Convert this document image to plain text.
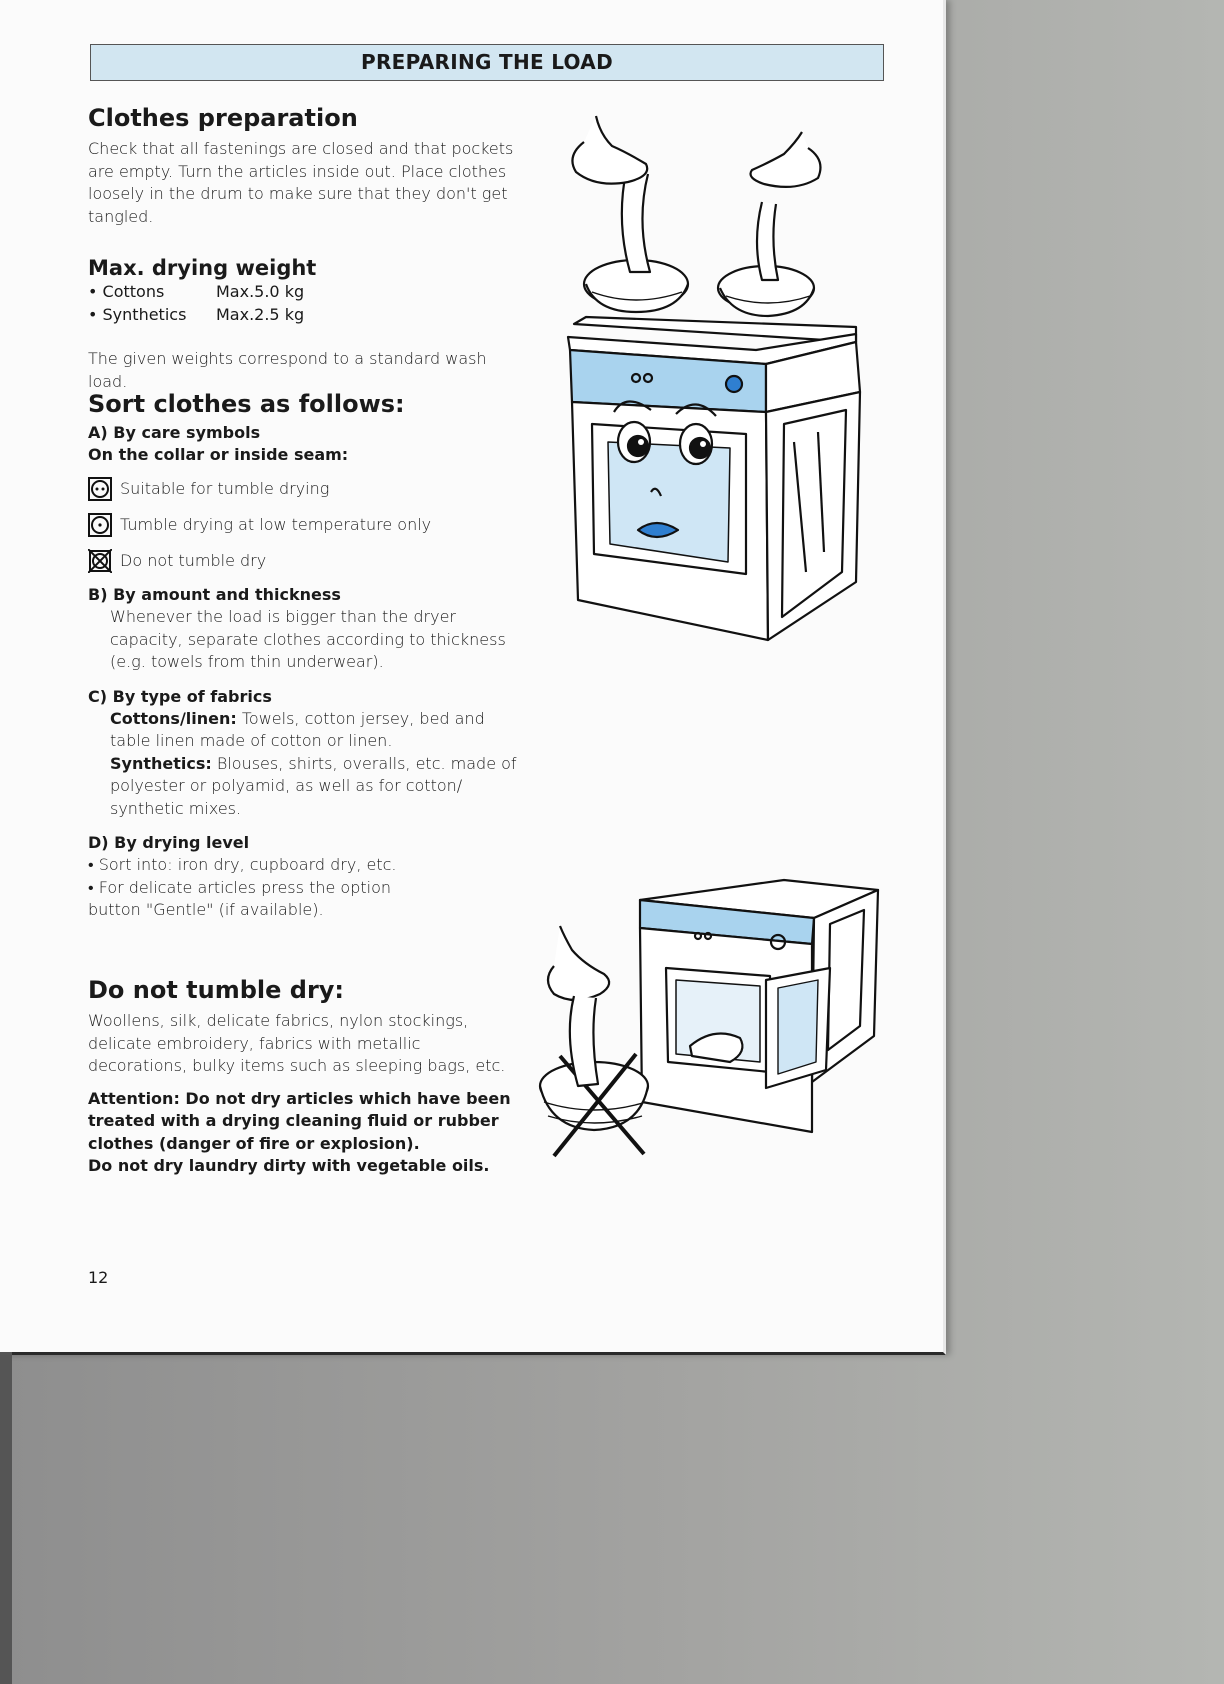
PREPARING THE LOAD
Clothes preparation

Check that all fastenings are closed and that pockets are empty. Turn the articles inside out. Place clothes loosely in the drum to make sure that they don't get tangled.

Max. drying weight
• Cottons	Max.5.0 kg
• Synthetics	Max.2.5 kg

The given weights correspond to a standard wash load.

Sort clothes as follows:
A) By care symbols
On the collar or inside seam:
Suitable for tumble drying
Tumble drying at low temperature only
Do not tumble dry
B) By amount and thickness

Whenever the load is bigger than the dryer capacity, separate clothes according to thickness (e.g. towels from thin underwear).

C) By type of fabrics

Cottons/linen: Towels, cotton jersey, bed and table linen made of cotton or linen.

Synthetics: Blouses, shirts, overalls, etc. made of polyester or polyamid, as well as for cotton/ synthetic mixes.

D) By drying level
• Sort into: iron dry, cupboard dry, etc.
• For delicate articles press the option
button "Gentle" (if available).
Do not tumble dry:

Woollens, silk, delicate fabrics, nylon stockings, delicate embroidery, fabrics with metallic decorations, bulky items such as sleeping bags, etc.

Attention: Do not dry articles which have been treated with a drying cleaning fluid or rubber clothes (danger of fire or explosion).

Do not dry laundry dirty with vegetable oils.

12
